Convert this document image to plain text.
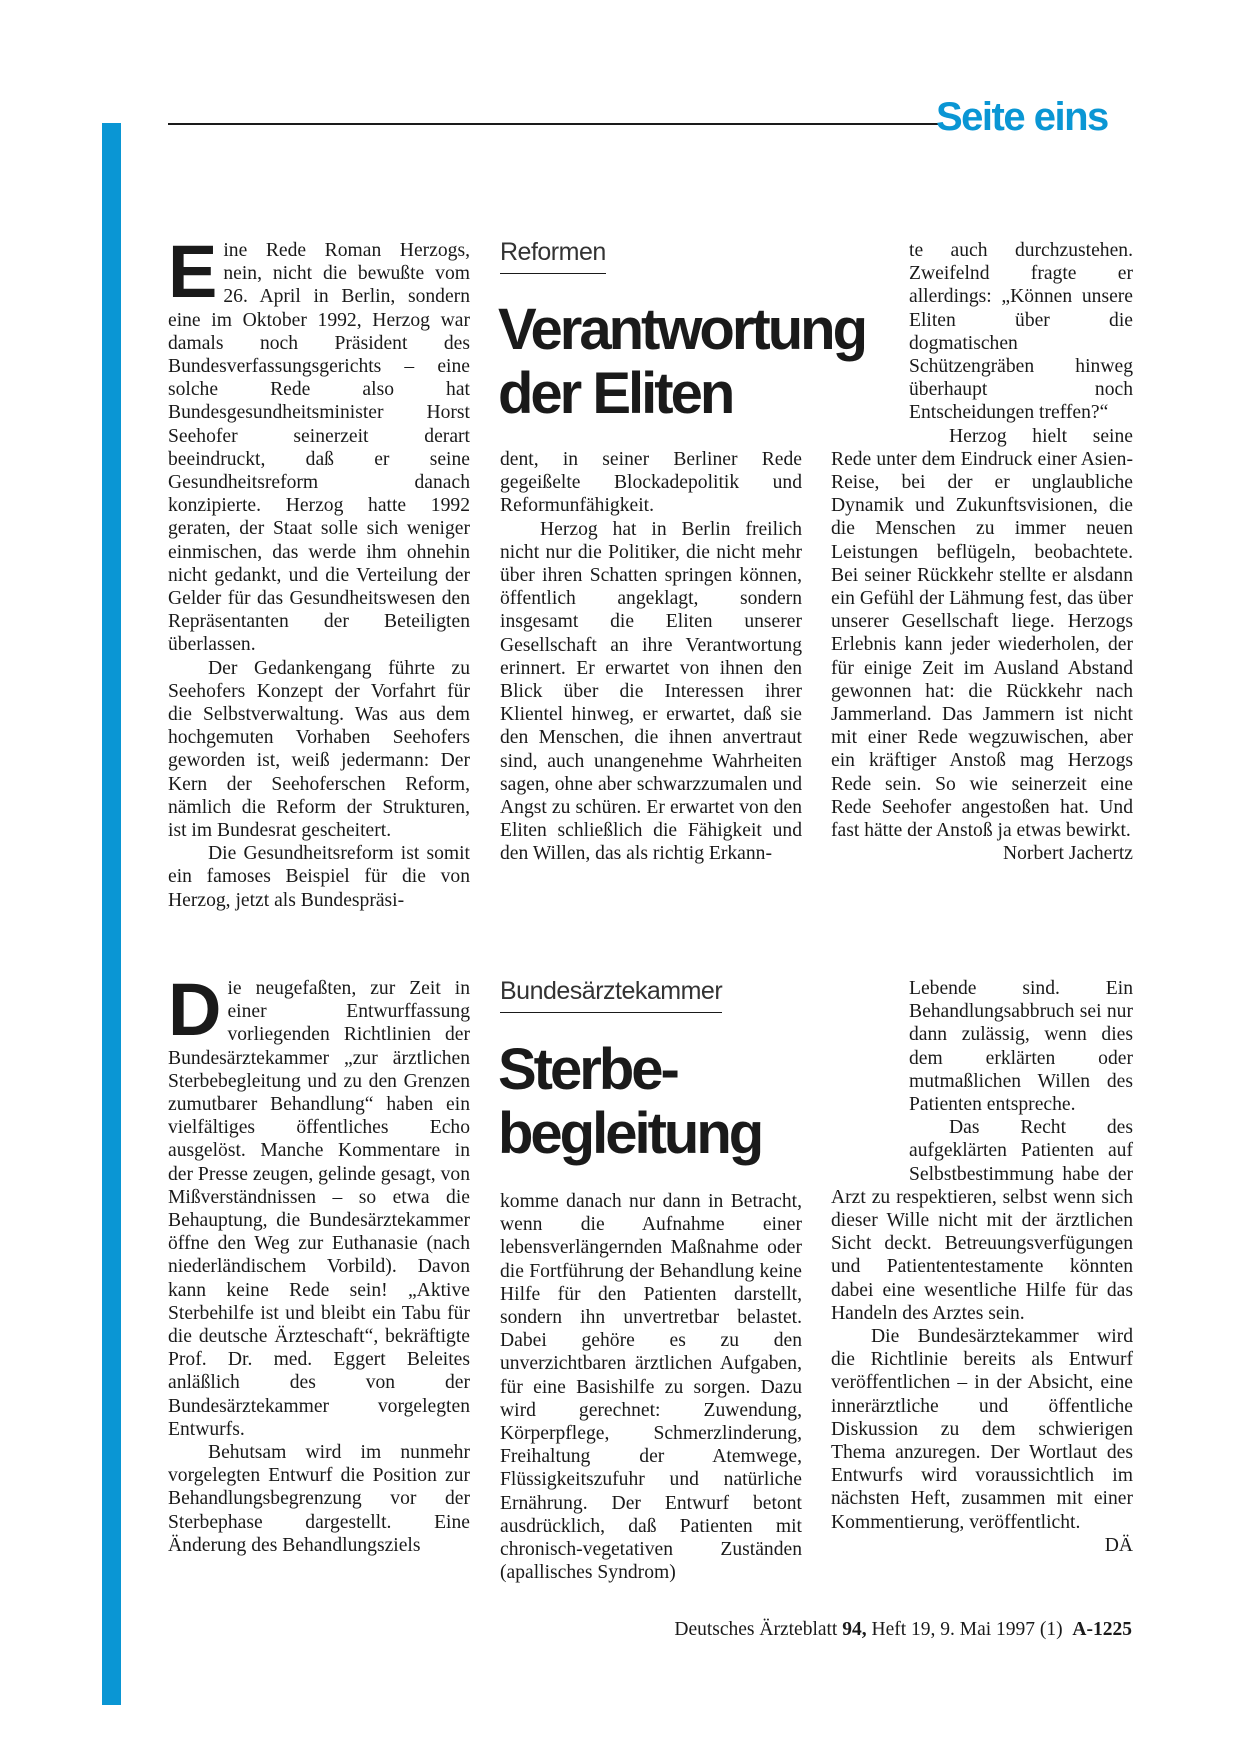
Seite eins
E ine Rede Roman Herzogs, nein, nicht die bewußte vom 26. April in Berlin, sondern eine im Oktober 1992, Herzog war damals noch Präsident des Bundesverfassungsgerichts – eine solche Rede also hat Bundesgesundheitsminister Horst Seehofer seinerzeit derart beeindruckt, daß er seine Gesundheitsreform danach konzipierte. Herzog hatte 1992 geraten, der Staat solle sich weniger einmischen, das werde ihm ohnehin nicht gedankt, und die Verteilung der Gelder für das Gesundheitswesen den Repräsentanten der Beteiligten überlassen.

Der Gedankengang führte zu Seehofers Konzept der Vorfahrt für die Selbstverwaltung. Was aus dem hochgemuten Vorhaben Seehofers geworden ist, weiß jedermann: Der Kern der Seehoferschen Reform, nämlich die Reform der Strukturen, ist im Bundesrat gescheitert.

Die Gesundheitsreform ist somit ein famoses Beispiel für die von Herzog, jetzt als Bundespräsi-

Reformen
Verantwortung
der Eliten

dent, in seiner Berliner Rede gegeißelte Blockadepolitik und Reformunfähigkeit.

Herzog hat in Berlin freilich nicht nur die Politiker, die nicht mehr über ihren Schatten springen können, öffentlich angeklagt, sondern insgesamt die Eliten unserer Gesellschaft an ihre Verantwortung erinnert. Er erwartet von ihnen den Blick über die Interessen ihrer Klientel hinweg, er erwartet, daß sie den Menschen, die ihnen anvertraut sind, auch unangenehme Wahrheiten sagen, ohne aber schwarzzumalen und Angst zu schüren. Er erwartet von den Eliten schließlich die Fähigkeit und den Willen, das als richtig Erkann-

te auch durchzustehen. Zweifelnd fragte er allerdings: „Können unsere Eliten über die dogmatischen Schützengräben hinweg überhaupt noch Entscheidungen treffen?“

Herzog hielt seine Rede unter dem Eindruck einer Asien-Reise, bei der er unglaubliche Dynamik und Zukunftsvisionen, die die Menschen zu immer neuen Leistungen beflügeln, beobachtete. Bei seiner Rückkehr stellte er alsdann ein Gefühl der Lähmung fest, das über unserer Gesellschaft liege. Herzogs Erlebnis kann jeder wiederholen, der für einige Zeit im Ausland Abstand gewonnen hat: die Rückkehr nach Jammerland. Das Jammern ist nicht mit einer Rede wegzuwischen, aber ein kräftiger Anstoß mag Herzogs Rede sein. So wie seinerzeit eine Rede Seehofer angestoßen hat. Und fast hätte der Anstoß ja etwas bewirkt.
Norbert Jachertz

D ie neugefaßten, zur Zeit in einer Entwurffassung vorliegenden Richtlinien der Bundesärztekammer „zur ärztlichen Sterbebegleitung und zu den Grenzen zumutbarer Behandlung“ haben ein vielfältiges öffentliches Echo ausgelöst. Manche Kommentare in der Presse zeugen, gelinde gesagt, von Mißverständnissen – so etwa die Behauptung, die Bundesärztekammer öffne den Weg zur Euthanasie (nach niederländischem Vorbild). Davon kann keine Rede sein! „Aktive Sterbehilfe ist und bleibt ein Tabu für die deutsche Ärzteschaft“, bekräftigte Prof. Dr. med. Eggert Beleites anläßlich des von der Bundesärztekammer vorgelegten Entwurfs.

Behutsam wird im nunmehr vorgelegten Entwurf die Position zur Behandlungsbegrenzung vor der Sterbephase dargestellt. Eine Änderung des Behandlungsziels

Bundesärztekammer
Sterbe-
begleitung

komme danach nur dann in Betracht, wenn die Aufnahme einer lebensverlängernden Maßnahme oder die Fortführung der Behandlung keine Hilfe für den Patienten darstellt, sondern ihn unvertretbar belastet. Dabei gehöre es zu den unverzichtbaren ärztlichen Aufgaben, für eine Basishilfe zu sorgen. Dazu wird gerechnet: Zuwendung, Körperpflege, Schmerzlinderung, Freihaltung der Atemwege, Flüssigkeitszufuhr und natürliche Ernährung. Der Entwurf betont ausdrücklich, daß Patienten mit chronisch-vegetativen Zuständen (apallisches Syndrom)

Lebende sind. Ein Behandlungsabbruch sei nur dann zulässig, wenn dies dem erklärten oder mutmaßlichen Willen des Patienten entspreche.

Das Recht des aufgeklärten Patienten auf Selbstbestimmung habe der Arzt zu respektieren, selbst wenn sich dieser Wille nicht mit der ärztlichen Sicht deckt. Betreuungsverfügungen und Patiententestamente könnten dabei eine wesentliche Hilfe für das Handeln des Arztes sein.

Die Bundesärztekammer wird die Richtlinie bereits als Entwurf veröffentlichen – in der Absicht, eine innerärztliche und öffentliche Diskussion zu dem schwierigen Thema anzuregen. Der Wortlaut des Entwurfs wird voraussichtlich im nächsten Heft, zusammen mit einer Kommentierung, veröffentlicht.
DÄ

Deutsches Ärzteblatt 94, Heft 19, 9. Mai 1997 (1) A-1225
